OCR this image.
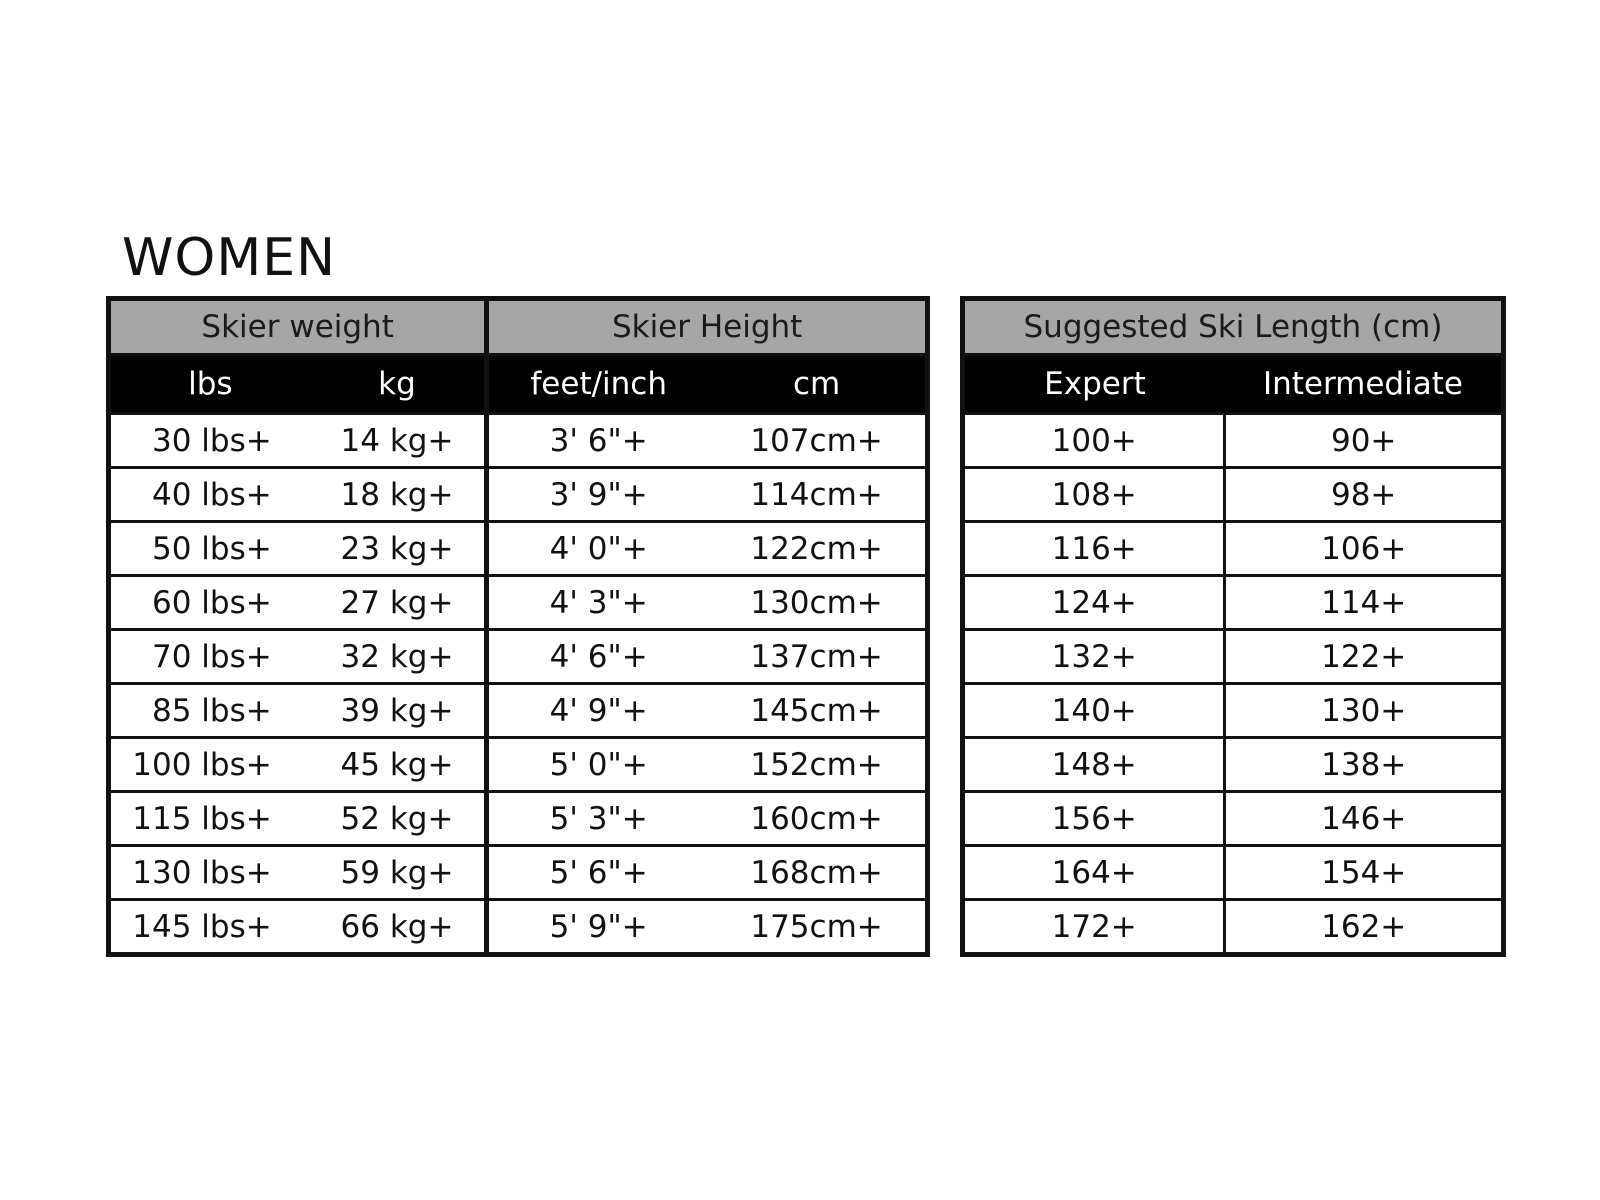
WOMEN
Skier weight		Skier Height	
lbs	kg	feet/inch	cm
30 lbs+	14 kg+	3' 6"+	107cm+
40 lbs+	18 kg+	3' 9"+	114cm+
50 lbs+	23 kg+	4' 0"+	122cm+
60 lbs+	27 kg+	4' 3"+	130cm+
70 lbs+	32 kg+	4' 6"+	137cm+
85 lbs+	39 kg+	4' 9"+	145cm+
100 lbs+	45 kg+	5' 0"+	152cm+
115 lbs+	52 kg+	5' 3"+	160cm+
130 lbs+	59 kg+	5' 6"+	168cm+
145 lbs+	66 kg+	5' 9"+	175cm+
Suggested Ski Length (cm)	
Expert	Intermediate
100+	90+
108+	98+
116+	106+
124+	114+
132+	122+
140+	130+
148+	138+
156+	146+
164+	154+
172+	162+
